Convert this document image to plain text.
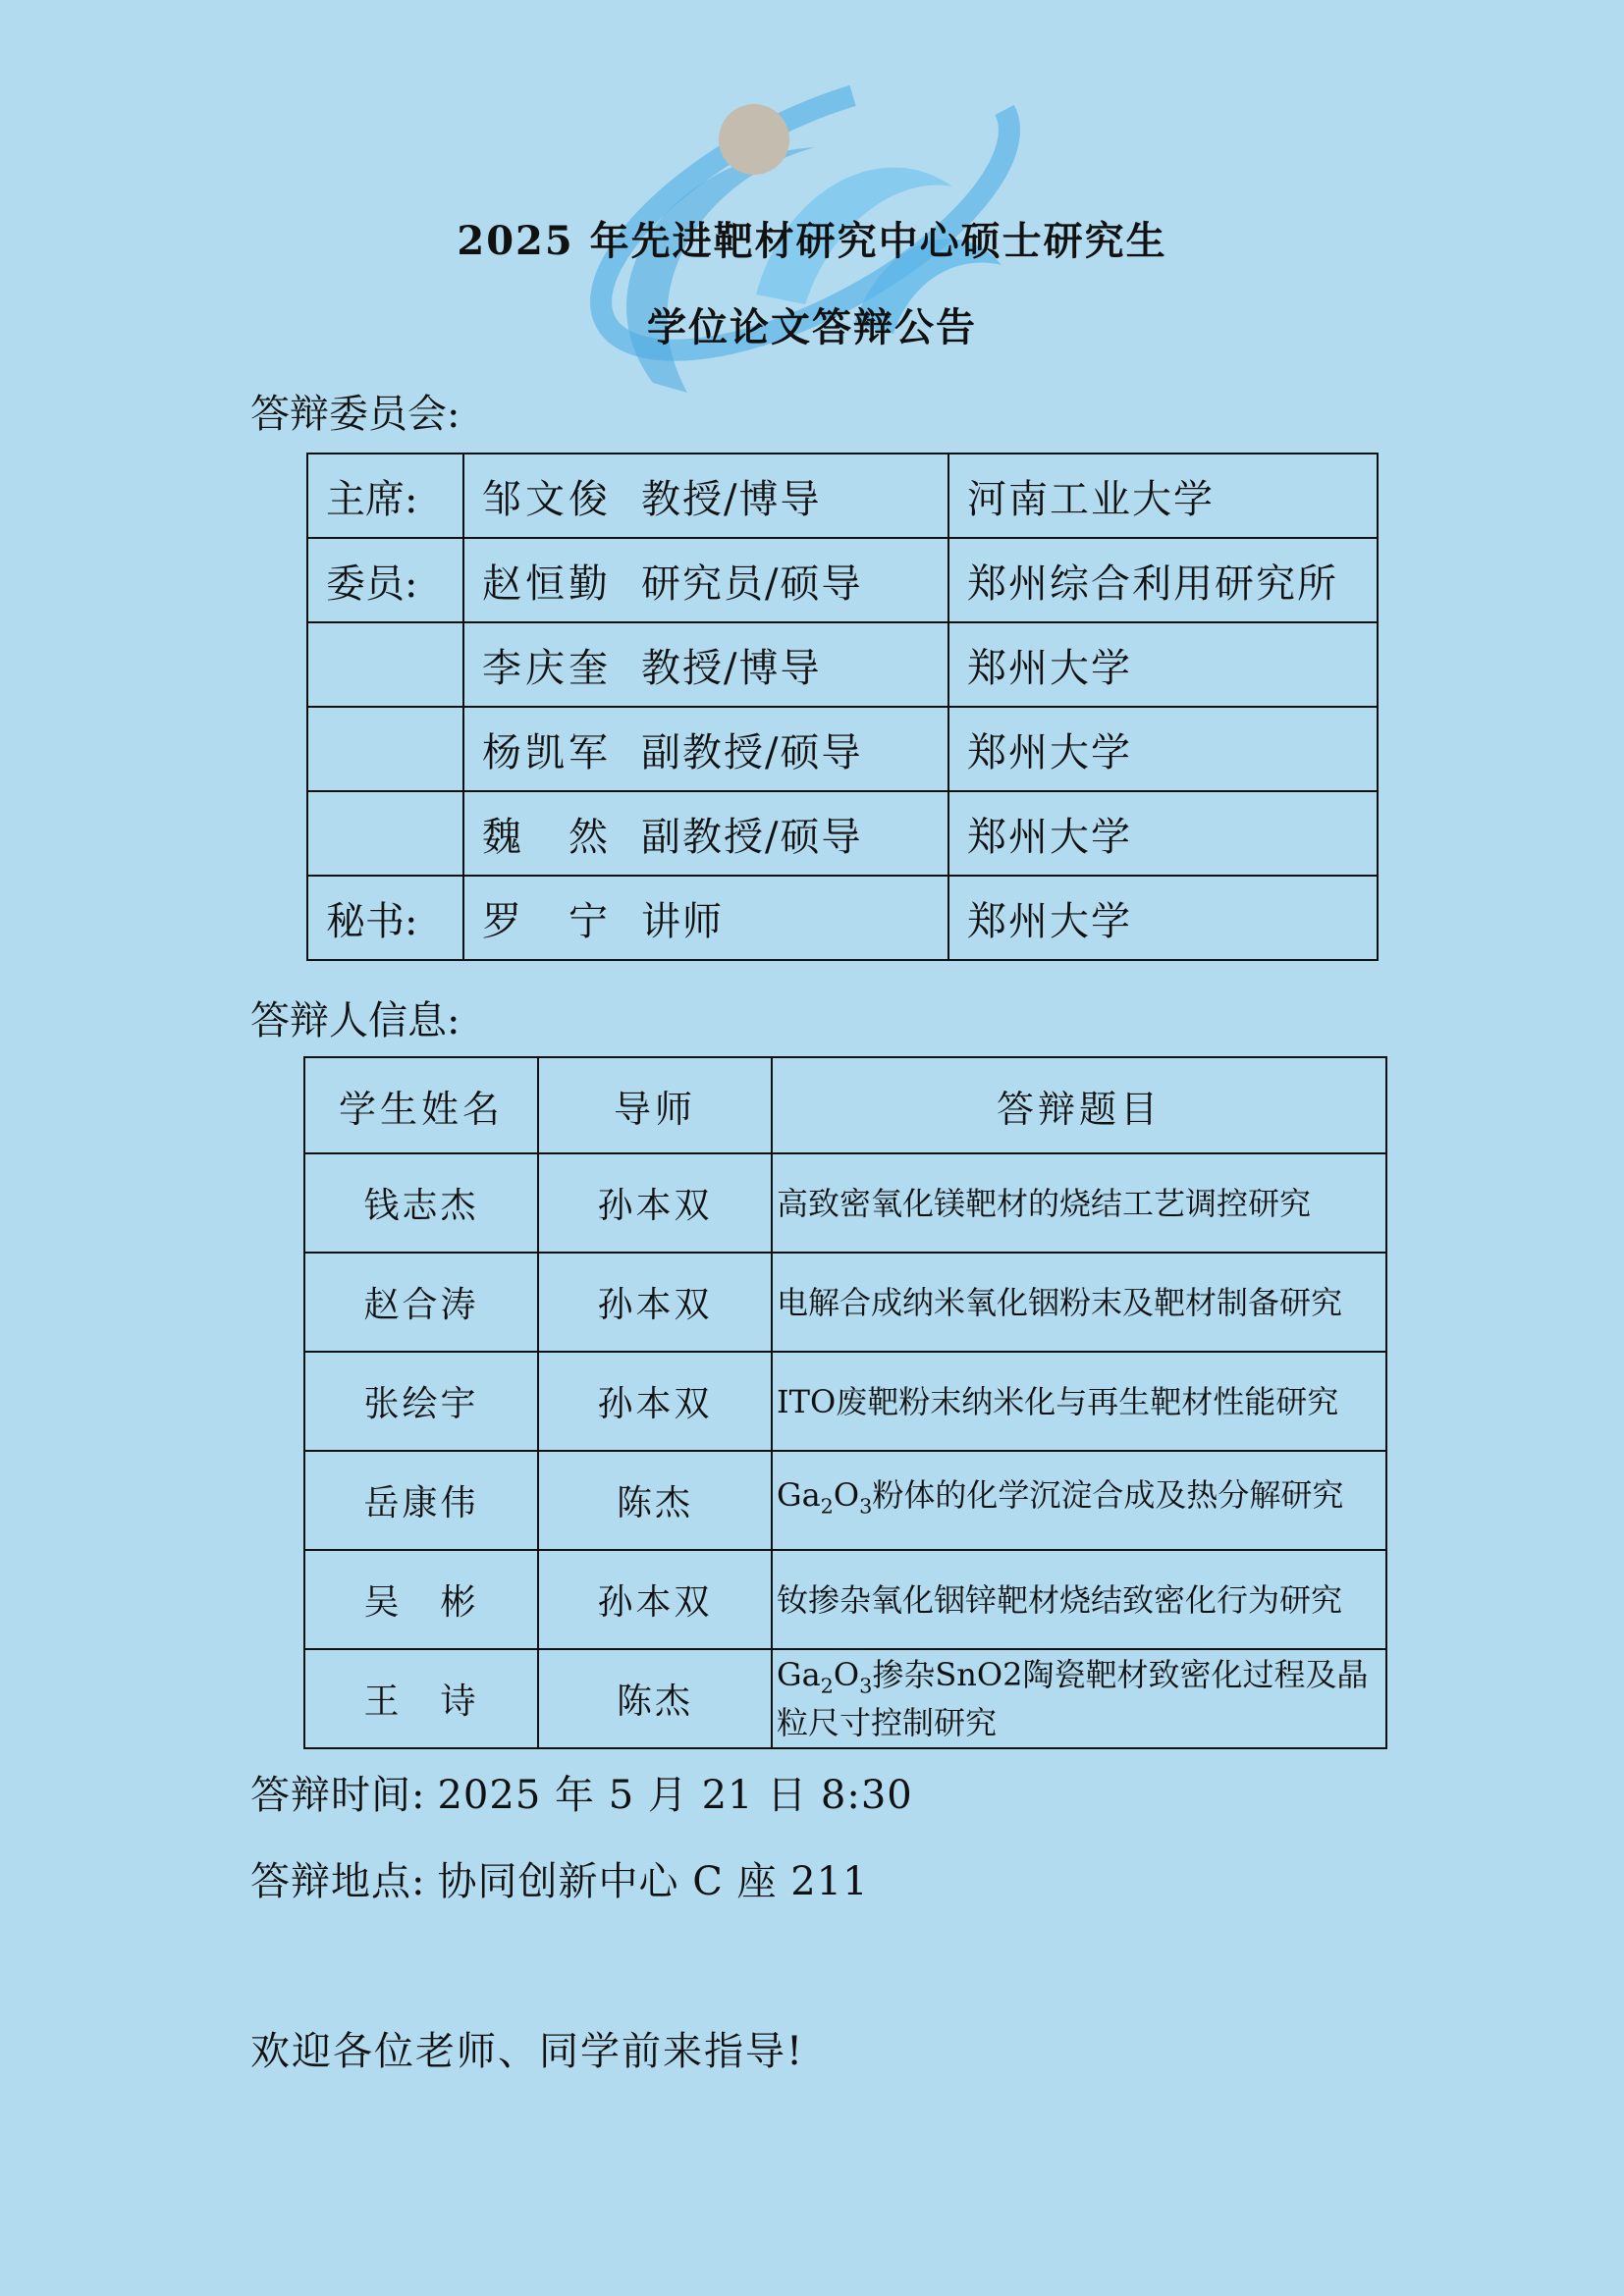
2025 年先进靶材研究中心硕士研究生
学位论文答辩公告

答辩委员会:

主席:	邹文俊 教授/博导	河南工业大学
委员:	赵恒勤 研究员/硕导	郑州综合利用研究所
	李庆奎 教授/博导	郑州大学
	杨凯军 副教授/硕导	郑州大学
	魏　然 副教授/硕导	郑州大学
秘书:	罗　宁 讲师	郑州大学

答辩人信息:

学生姓名	导师	答辩题目
钱志杰	孙本双	高致密氧化镁靶材的烧结工艺调控研究
赵合涛	孙本双	电解合成纳米氧化铟粉末及靶材制备研究
张绘宇	孙本双	ITO废靶粉末纳米化与再生靶材性能研究
岳康伟	陈杰	$Ga_2O_3$粉体的化学沉淀合成及热分解研究
吴　彬	孙本双	钕掺杂氧化铟锌靶材烧结致密化行为研究
王　诗	陈杰	$Ga_2O_3$掺杂SnO2陶瓷靶材致密化过程及晶粒尺寸控制研究

答辩时间: 2025 年 5 月 21 日 8:30

答辩地点: 协同创新中心 C 座 211

欢迎各位老师、同学前来指导!
